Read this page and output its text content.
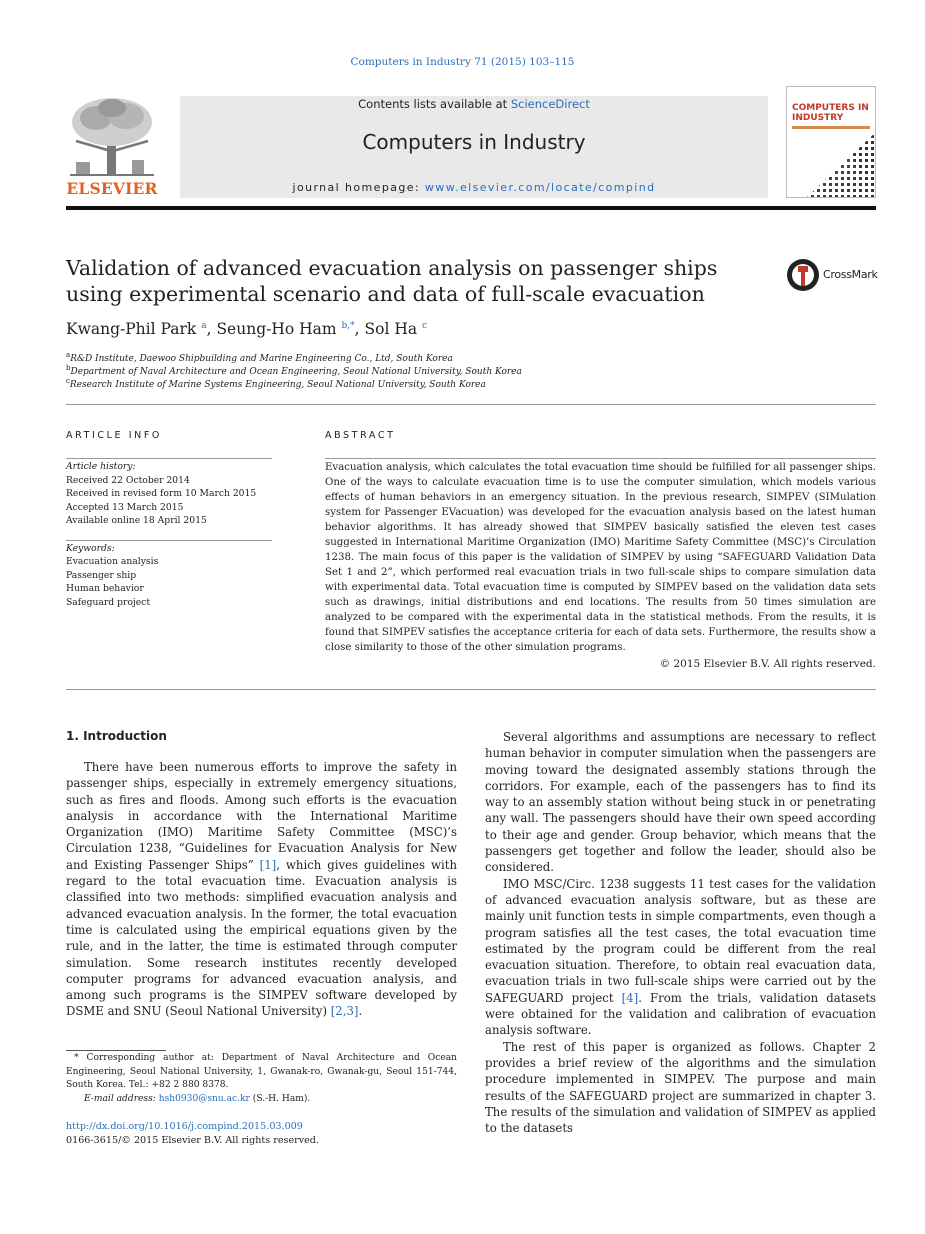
Computers in Industry 71 (2015) 103–115
ELSEVIER
Contents lists available at ScienceDirect
Computers in Industry
journal homepage: www.elsevier.com/locate/compind
COMPUTERS IN INDUSTRY
Validation of advanced evacuation analysis on passenger ships using experimental scenario and data of full-scale evacuation
CrossMark
Kwang-Phil Park $^a$, Seung-Ho Ham $^{b,*}$, Sol Ha $^c$
$^a$R&D Institute, Daewoo Shipbuilding and Marine Engineering Co., Ltd, South Korea
$^b$Department of Naval Architecture and Ocean Engineering, Seoul National University, South Korea
$^c$Research Institute of Marine Systems Engineering, Seoul National University, South Korea
ARTICLE INFO	ABSTRACT
Article history:
Received 22 October 2014
Received in revised form 10 March 2015
Accepted 13 March 2015
Available online 18 April 2015
Keywords:
Evacuation analysis
Passenger ship
Human behavior
Safeguard project
Evacuation analysis, which calculates the total evacuation time should be fulfilled for all passenger ships. One of the ways to calculate evacuation time is to use the computer simulation, which models various effects of human behaviors in an emergency situation. In the previous research, SIMPEV (SIMulation system for Passenger EVacuation) was developed for the evacuation analysis based on the latest human behavior algorithms. It has already showed that SIMPEV basically satisfied the eleven test cases suggested in International Maritime Organization (IMO) Maritime Safety Committee (MSC)’s Circulation 1238. The main focus of this paper is the validation of SIMPEV by using “SAFEGUARD Validation Data Set 1 and 2”, which performed real evacuation trials in two full-scale ships to compare simulation data with experimental data. Total evacuation time is computed by SIMPEV based on the validation data sets such as drawings, initial distributions and end locations. The results from 50 times simulation are analyzed to be compared with the experimental data in the statistical methods. From the results, it is found that SIMPEV satisfies the acceptance criteria for each of data sets. Furthermore, the results show a close similarity to those of the other simulation programs.
© 2015 Elsevier B.V. All rights reserved.
1. Introduction

There have been numerous efforts to improve the safety in passenger ships, especially in extremely emergency situations, such as fires and floods. Among such efforts is the evacuation analysis in accordance with the International Maritime Organization (IMO) Maritime Safety Committee (MSC)’s Circulation 1238, “Guidelines for Evacuation Analysis for New and Existing Passenger Ships” [1], which gives guidelines with regard to the total evacuation time. Evacuation analysis is classified into two methods: simplified evacuation analysis and advanced evacuation analysis. In the former, the total evacuation time is calculated using the empirical equations given by the rule, and in the latter, the time is estimated through computer simulation. Some research institutes recently developed computer programs for advanced evacuation analysis, and among such programs is the SIMPEV software developed by DSME and SNU (Seoul National University) [2,3].

* Corresponding author at: Department of Naval Architecture and Ocean Engineering, Seoul National University, 1, Gwanak-ro, Gwanak-gu, Seoul 151-744, South Korea. Tel.: +82 2 880 8378.
E-mail address: hsh0930@snu.ac.kr (S.-H. Ham).
http://dx.doi.org/10.1016/j.compind.2015.03.009
0166-3615/© 2015 Elsevier B.V. All rights reserved.

Several algorithms and assumptions are necessary to reflect human behavior in computer simulation when the passengers are moving toward the designated assembly stations through the corridors. For example, each of the passengers has to find its way to an assembly station without being stuck in or penetrating any wall. The passengers should have their own speed according to their age and gender. Group behavior, which means that the passengers get together and follow the leader, should also be considered.

IMO MSC/Circ. 1238 suggests 11 test cases for the validation of advanced evacuation analysis software, but as these are mainly unit function tests in simple compartments, even though a program satisfies all the test cases, the total evacuation time estimated by the program could be different from the real evacuation situation. Therefore, to obtain real evacuation data, evacuation trials in two full-scale ships were carried out by the SAFEGUARD project [4]. From the trials, validation datasets were obtained for the validation and calibration of evacuation analysis software.

The rest of this paper is organized as follows. Chapter 2 provides a brief review of the algorithms and the simulation procedure implemented in SIMPEV. The purpose and main results of the SAFEGUARD project are summarized in chapter 3. The results of the simulation and validation of SIMPEV as applied to the datasets
